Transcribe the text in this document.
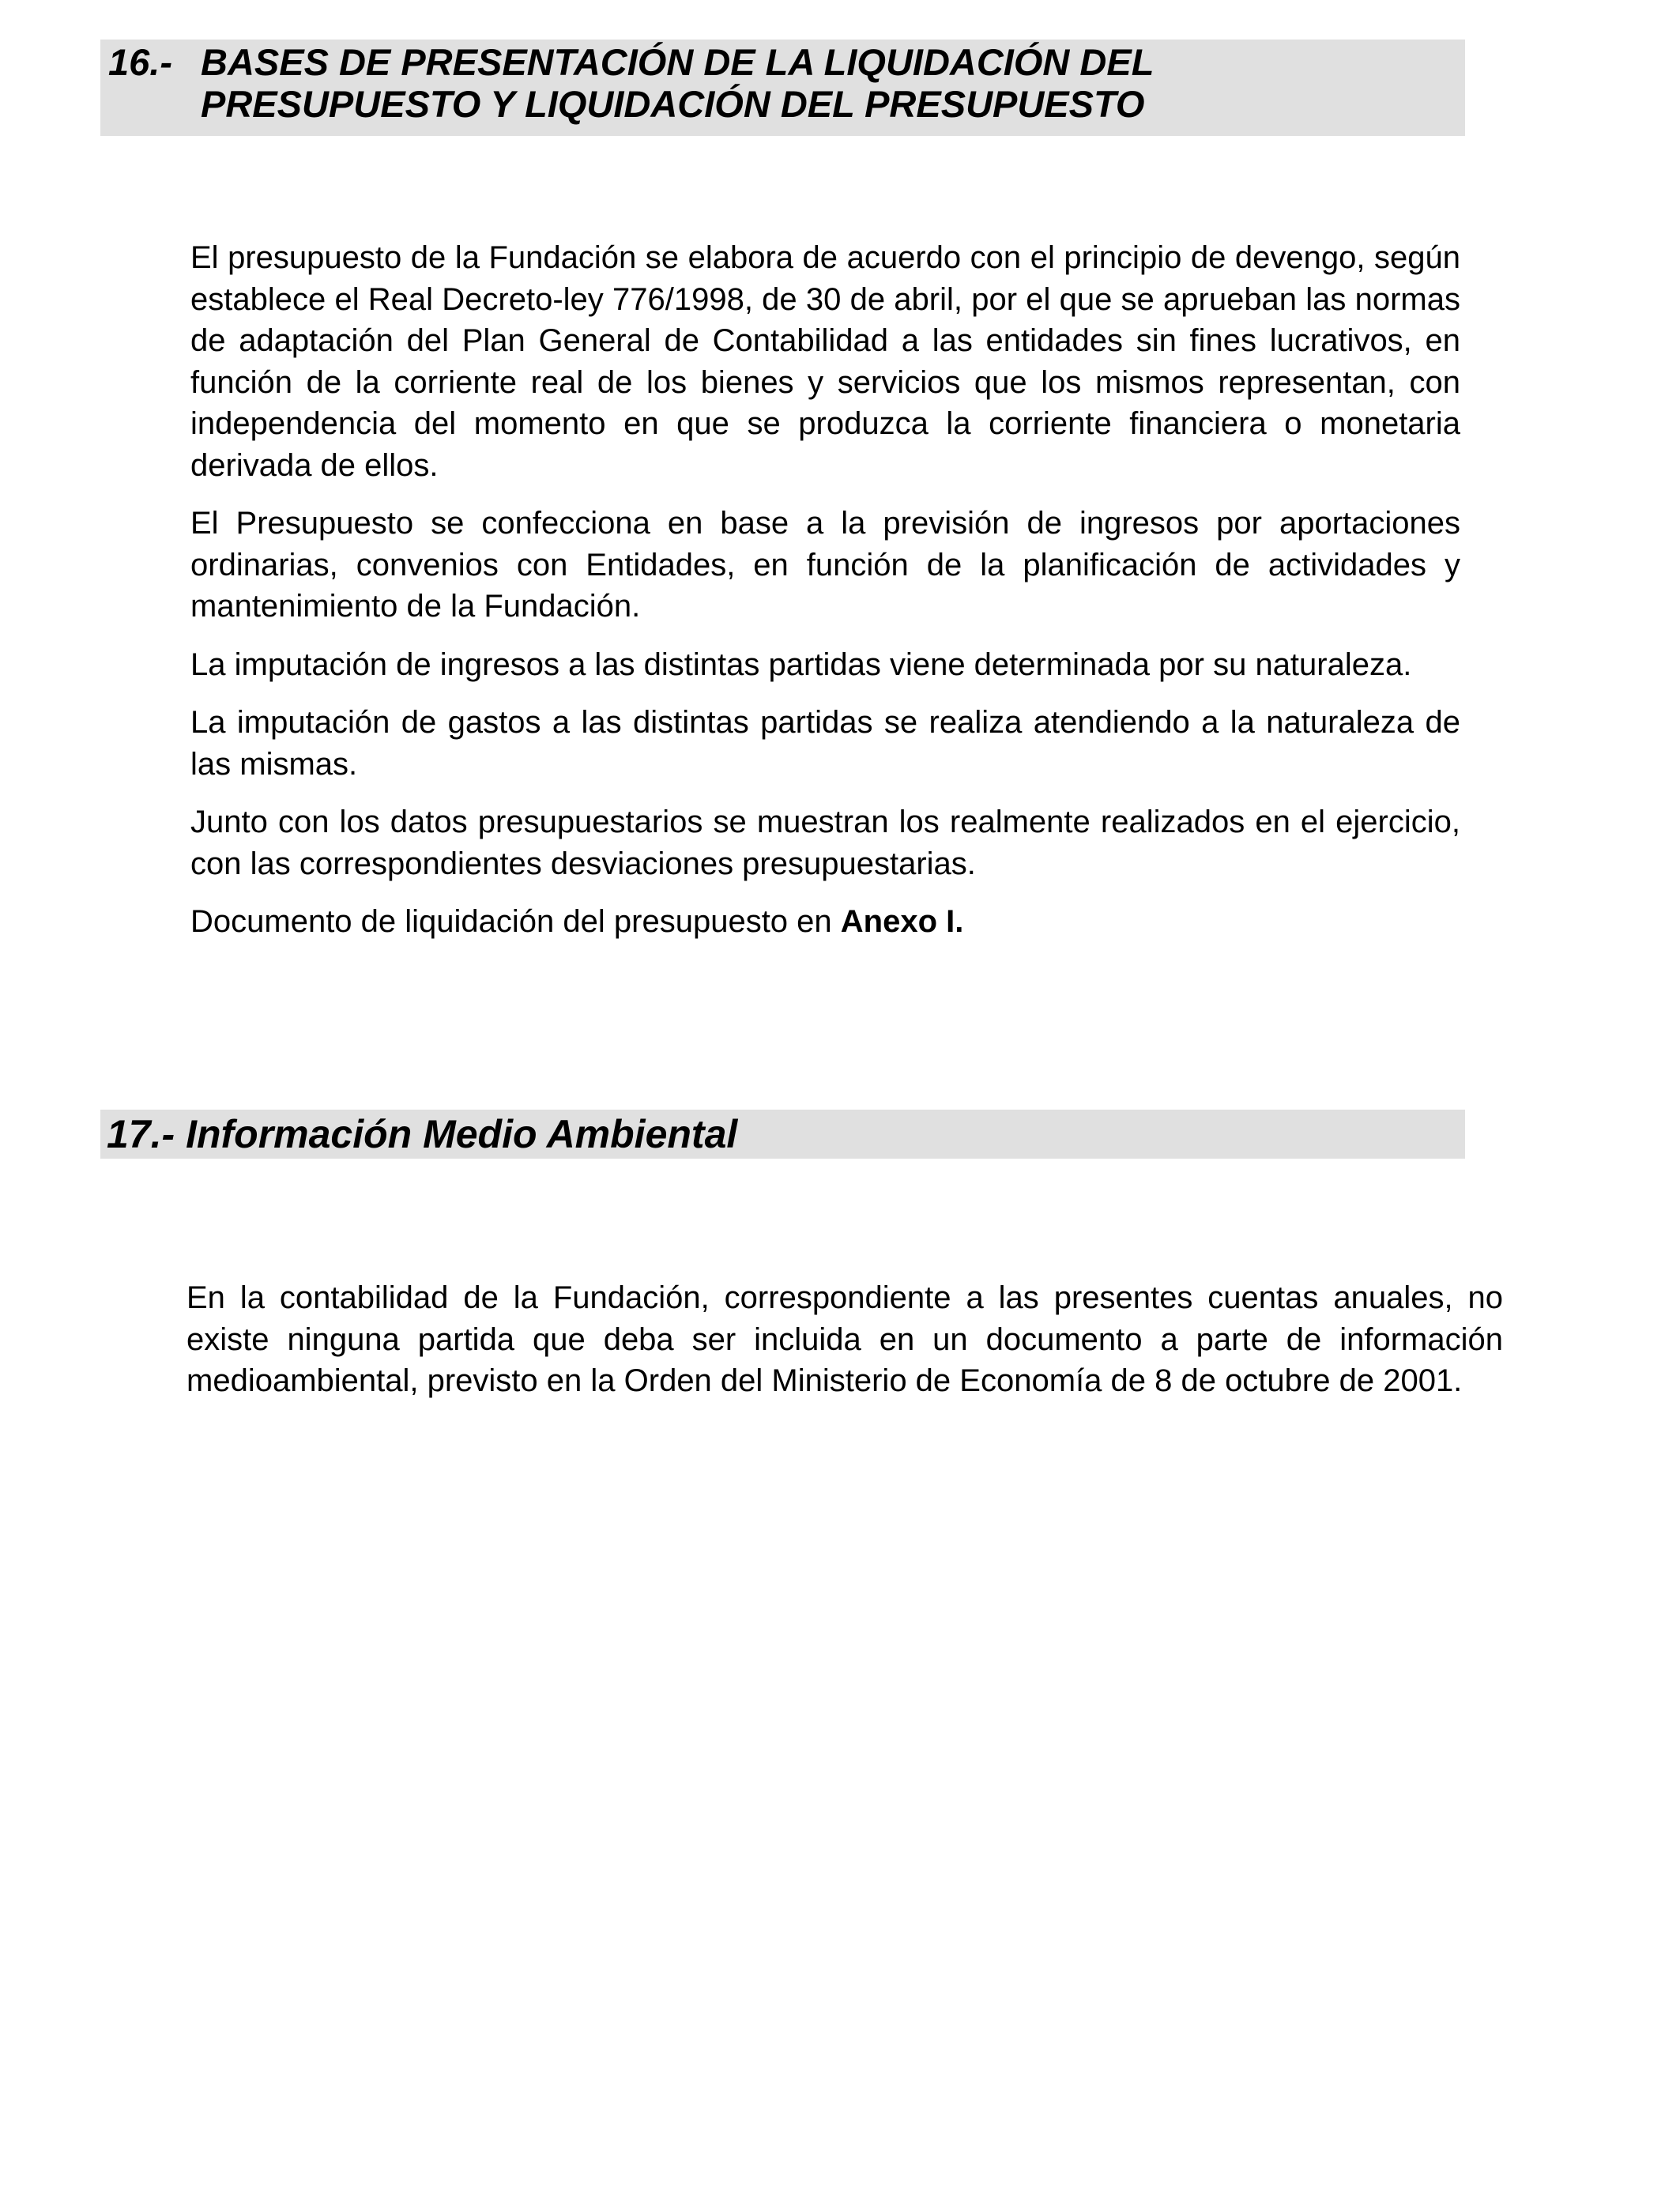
16.- BASES DE PRESENTACIÓN DE LA LIQUIDACIÓN DEL
PRESUPUESTO Y LIQUIDACIÓN DEL PRESUPUESTO

El presupuesto de la Fundación se elabora de acuerdo con el principio de devengo, según establece el Real Decreto-ley 776/1998, de 30 de abril, por el que se aprueban las normas de adaptación del Plan General de Contabilidad a las entidades sin fines lucrativos, en función de la corriente real de los bienes y servicios que los mismos representan, con independencia del momento en que se produzca la corriente financiera o monetaria derivada de ellos.

El Presupuesto se confecciona en base a la previsión de ingresos por aportaciones ordinarias, convenios con Entidades, en función de la planificación de actividades y mantenimiento de la Fundación.

La imputación de ingresos a las distintas partidas viene determinada por su naturaleza.

La imputación de gastos a las distintas partidas se realiza atendiendo a la naturaleza de las mismas.

Junto con los datos presupuestarios se muestran los realmente realizados en el ejercicio, con las correspondientes desviaciones presupuestarias.

Documento de liquidación del presupuesto en Anexo I.

17.- Información Medio Ambiental

En la contabilidad de la Fundación, correspondiente a las presentes cuentas anuales, no existe ninguna partida que deba ser incluida en un documento a parte de información medioambiental, previsto en la Orden del Ministerio de Economía de 8 de octubre de 2001.
